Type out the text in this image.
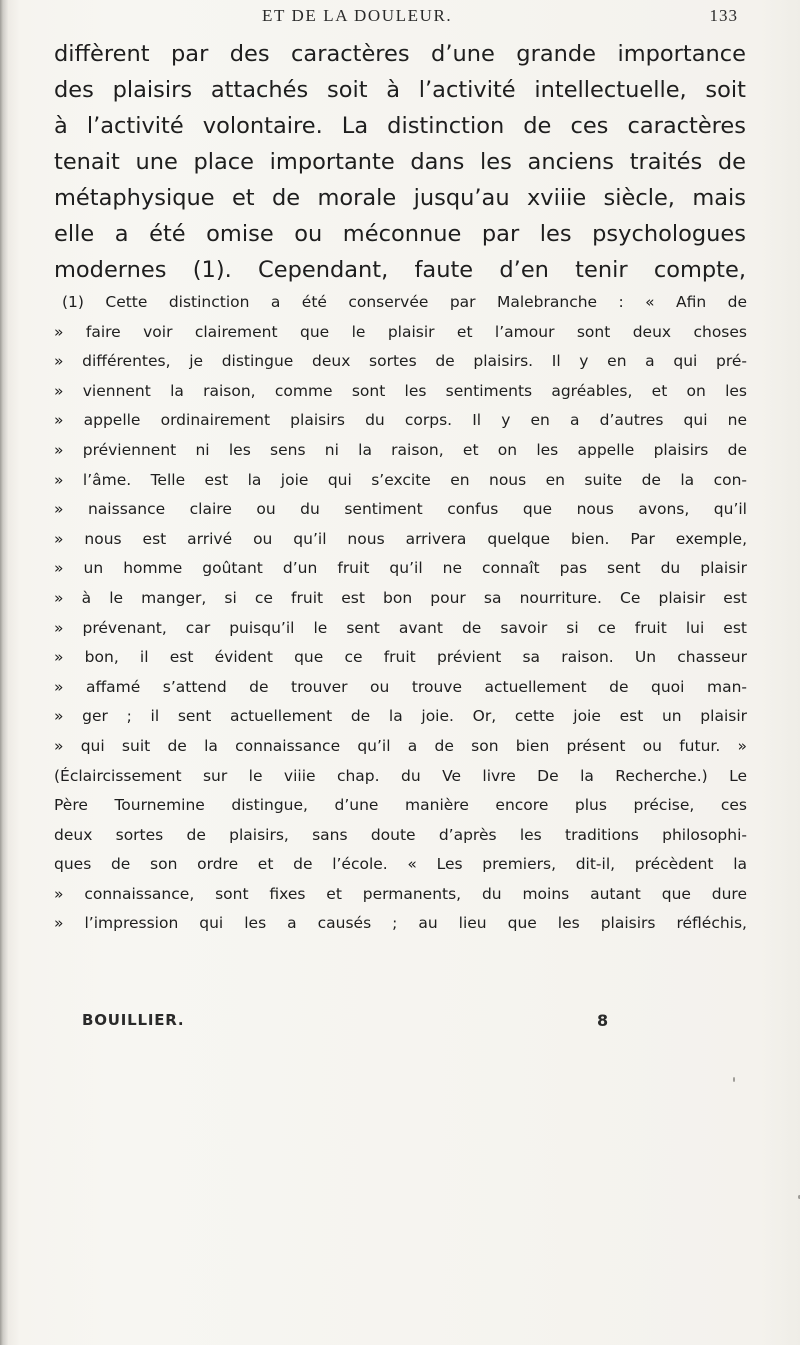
ET DE LA DOULEUR.	133
diffèrent par des caractères d’une grande importance
des plaisirs attachés soit à l’activité intellectuelle, soit
à l’activité volontaire. La distinction de ces caractères
tenait une place importante dans les anciens traités de
métaphysique et de morale jusqu’au xviiie siècle, mais
elle a été omise ou méconnue par les psychologues
modernes (1). Cependant, faute d’en tenir compte,
(1) Cette distinction a été conservée par Malebranche : « Afin de
» faire voir clairement que le plaisir et l’amour sont deux choses
» différentes, je distingue deux sortes de plaisirs. Il y en a qui pré-
» viennent la raison, comme sont les sentiments agréables, et on les
» appelle ordinairement plaisirs du corps. Il y en a d’autres qui ne
» préviennent ni les sens ni la raison, et on les appelle plaisirs de
» l’âme. Telle est la joie qui s’excite en nous en suite de la con-
» naissance claire ou du sentiment confus que nous avons, qu’il
» nous est arrivé ou qu’il nous arrivera quelque bien. Par exemple,
» un homme goûtant d’un fruit qu’il ne connaît pas sent du plaisir
» à le manger, si ce fruit est bon pour sa nourriture. Ce plaisir est
» prévenant, car puisqu’il le sent avant de savoir si ce fruit lui est
» bon, il est évident que ce fruit prévient sa raison. Un chasseur
» affamé s’attend de trouver ou trouve actuellement de quoi man-
» ger ; il sent actuellement de la joie. Or, cette joie est un plaisir
» qui suit de la connaissance qu’il a de son bien présent ou futur. »
(Éclaircissement sur le viiie chap. du Ve livre De la Recherche.) Le
Père Tournemine distingue, d’une manière encore plus précise, ces
deux sortes de plaisirs, sans doute d’après les traditions philosophi-
ques de son ordre et de l’école. « Les premiers, dit-il, précèdent la
» connaissance, sont fixes et permanents, du moins autant que dure
» l’impression qui les a causés ; au lieu que les plaisirs réfléchis,
BOUILLIER.	8
